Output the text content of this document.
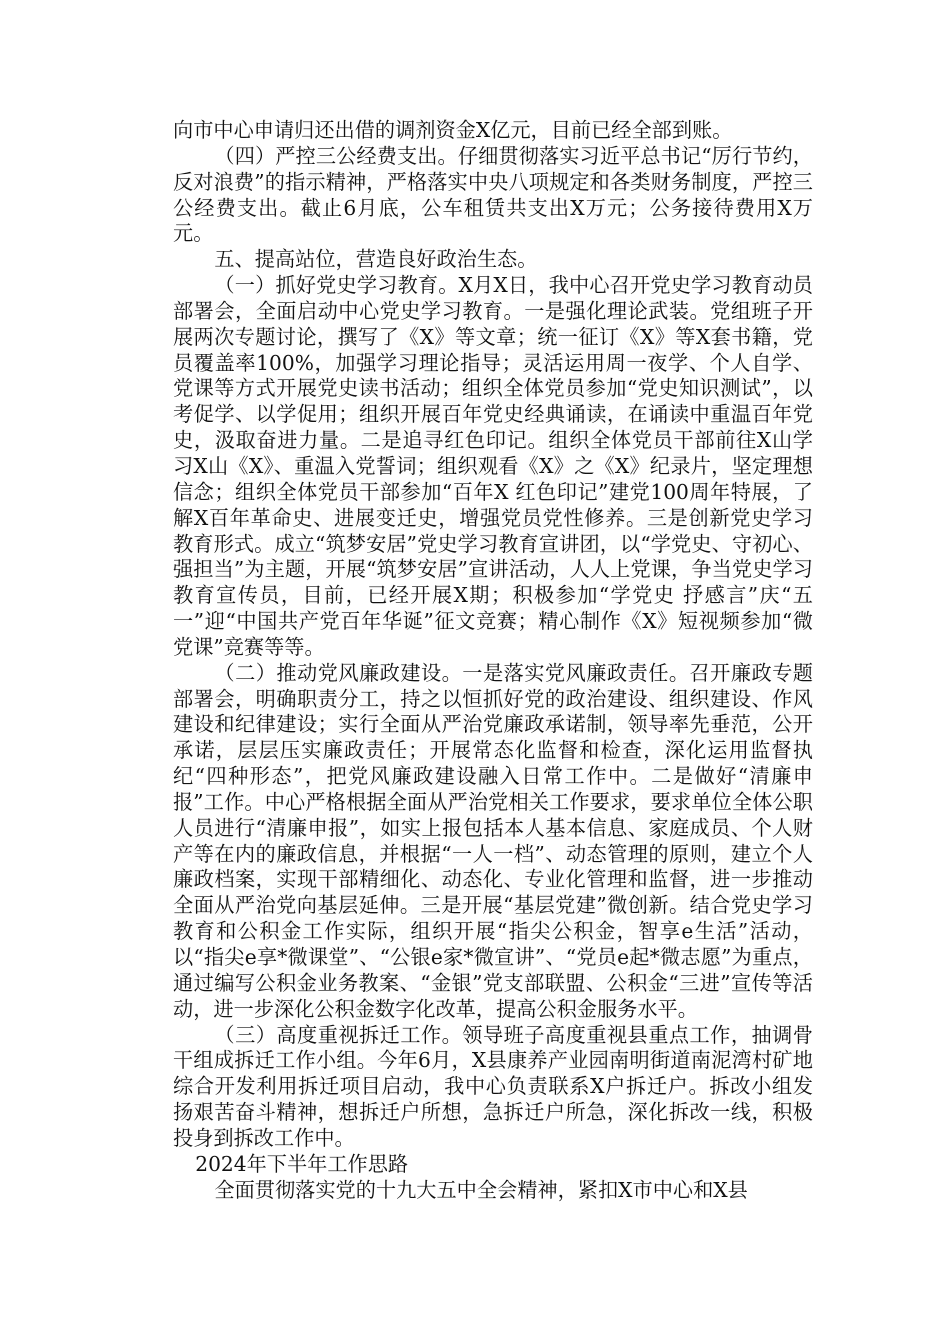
向市中心申请归还出借的调剂资金X亿元，目前已经全部到账。

（四）严控三公经费支出。仔细贯彻落实习近平总书记“厉行节约，反对浪费”的指示精神，严格落实中央八项规定和各类财务制度，严控三公经费支出。截止6月底，公车租赁共支出X万元；公务接待费用X万元。

五、提高站位，营造良好政治生态。

（一）抓好党史学习教育。X月X日，我中心召开党史学习教育动员部署会，全面启动中心党史学习教育。一是强化理论武装。党组班子开展两次专题讨论，撰写了《X》等文章；统一征订《X》等X套书籍，党员覆盖率100%，加强学习理论指导；灵活运用周一夜学、个人自学、党课等方式开展党史读书活动；组织全体党员参加“党史知识测试”，以考促学、以学促用；组织开展百年党史经典诵读，在诵读中重温百年党史，汲取奋进力量。二是追寻红色印记。组织全体党员干部前往X山学习X山《X》、重温入党誓词；组织观看《X》之《X》纪录片，坚定理想信念；组织全体党员干部参加“百年X 红色印记”建党100周年特展，了解X百年革命史、进展变迁史，增强党员党性修养。三是创新党史学习教育形式。成立“筑梦安居”党史学习教育宣讲团，以“学党史、守初心、强担当”为主题，开展“筑梦安居”宣讲活动，人人上党课，争当党史学习教育宣传员，目前，已经开展X期；积极参加“学党史 抒感言”庆“五一”迎“中国共产党百年华诞”征文竞赛；精心制作《X》短视频参加“微党课”竞赛等等。

（二）推动党风廉政建设。一是落实党风廉政责任。召开廉政专题部署会，明确职责分工，持之以恒抓好党的政治建设、组织建设、作风建设和纪律建设；实行全面从严治党廉政承诺制，领导率先垂范，公开承诺，层层压实廉政责任；开展常态化监督和检查，深化运用监督执纪“四种形态”，把党风廉政建设融入日常工作中。二是做好“清廉申报”工作。中心严格根据全面从严治党相关工作要求，要求单位全体公职人员进行“清廉申报”，如实上报包括本人基本信息、家庭成员、个人财产等在内的廉政信息，并根据“一人一档”、动态管理的原则，建立个人廉政档案，实现干部精细化、动态化、专业化管理和监督，进一步推动全面从严治党向基层延伸。三是开展“基层党建”微创新。结合党史学习教育和公积金工作实际，组织开展“指尖公积金，智享e生活”活动，以“指尖e享*微课堂”、“公银e家*微宣讲”、“党员e起*微志愿”为重点，通过编写公积金业务教案、“金银”党支部联盟、公积金“三进”宣传等活动，进一步深化公积金数字化改革，提高公积金服务水平。

（三）高度重视拆迁工作。领导班子高度重视县重点工作，抽调骨干组成拆迁工作小组。今年6月，X县康养产业园南明街道南泥湾村矿地综合开发利用拆迁项目启动，我中心负责联系X户拆迁户。拆改小组发扬艰苦奋斗精神，想拆迁户所想，急拆迁户所急，深化拆改一线，积极投身到拆改工作中。

2024年下半年工作思路

全面贯彻落实党的十九大五中全会精神，紧扣X市中心和X县
